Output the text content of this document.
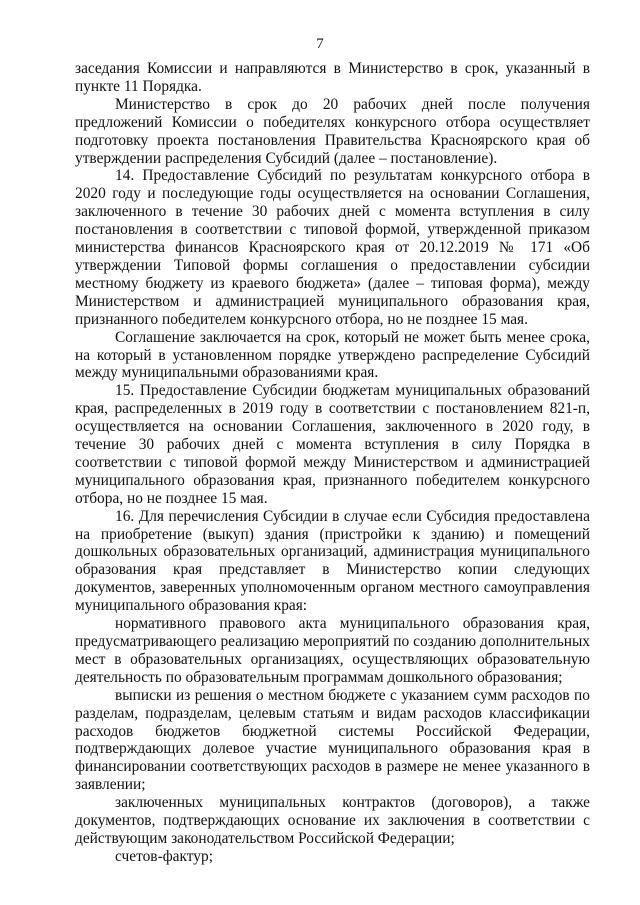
7

заседания Комиссии и направляются в Министерство в срок, указанный в пункте 11 Порядка.

Министерство в срок до 20 рабочих дней после получения предложений Комиссии о победителях конкурсного отбора осуществляет подготовку проекта постановления Правительства Красноярского края об утверждении распределения Субсидий (далее – постановление).

14. Предоставление Субсидий по результатам конкурсного отбора в 2020 году и последующие годы осуществляется на основании Соглашения, заключенного в течение 30 рабочих дней с момента вступления в силу постановления в соответствии с типовой формой, утвержденной приказом министерства финансов Красноярского края от 20.12.2019 № 171 «Об утверждении Типовой формы соглашения о предоставлении субсидии местному бюджету из краевого бюджета» (далее – типовая форма), между Министерством и администрацией муниципального образования края, признанного победителем конкурсного отбора, но не позднее 15 мая.

Соглашение заключается на срок, который не может быть менее срока, на который в установленном порядке утверждено распределение Субсидий между муниципальными образованиями края.

15. Предоставление Субсидии бюджетам муниципальных образований края, распределенных в 2019 году в соответствии с постановлением 821-п, осуществляется на основании Соглашения, заключенного в 2020 году, в течение 30 рабочих дней с момента вступления в силу Порядка в соответствии с типовой формой между Министерством и администрацией муниципального образования края, признанного победителем конкурсного отбора, но не позднее 15 мая.

16. Для перечисления Субсидии в случае если Субсидия предоставлена на приобретение (выкуп) здания (пристройки к зданию) и помещений дошкольных образовательных организаций, администрация муниципального образования края представляет в Министерство копии следующих документов, заверенных уполномоченным органом местного самоуправления муниципального образования края:

нормативного правового акта муниципального образования края, предусматривающего реализацию мероприятий по созданию дополнительных мест в образовательных организациях, осуществляющих образовательную деятельность по образовательным программам дошкольного образования;

выписки из решения о местном бюджете с указанием сумм расходов по разделам, подразделам, целевым статьям и видам расходов классификации расходов бюджетов бюджетной системы Российской Федерации, подтверждающих долевое участие муниципального образования края в финансировании соответствующих расходов в размере не менее указанного в заявлении;

заключенных муниципальных контрактов (договоров), а также документов, подтверждающих основание их заключения в соответствии с действующим законодательством Российской Федерации;

счетов-фактур;
